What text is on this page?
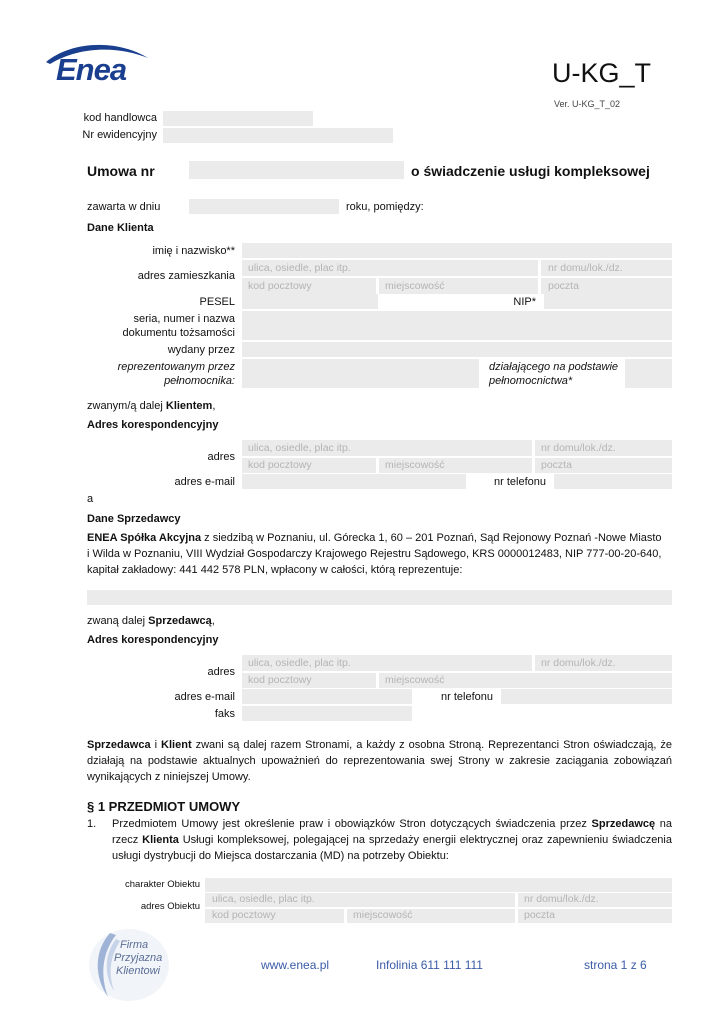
Enea	U-KG_T
Ver. U-KG_T_02
kod handlowca
Nr ewidencyjny
Umowa nr	o świadczenie usługi kompleksowej
zawarta w dniu	roku, pomiędzy:
Dane Klienta
imię i nazwisko**
adres zamieszkania
ulica, osiedle, plac itp.	nr domu/lok./dz.
kod pocztowy	miejscowość	poczta
PESEL	NIP*
seria, numer i nazwa
dokumentu tożsamości
wydany przez
reprezentowanym przez
pełnomocnika:
działającego na podstawie
pełnomocnictwa*
zwanym/ą dalej Klientem,
Adres korespondencyjny
adres
ulica, osiedle, plac itp.	nr domu/lok./dz.
kod pocztowy	miejscowość	poczta
adres e-mail	nr telefonu
a
Dane Sprzedawcy
ENEA Spółka Akcyjna z siedzibą w Poznaniu, ul. Górecka 1, 60 – 201 Poznań, Sąd Rejonowy Poznań -Nowe Miasto
i Wilda w Poznaniu, VIII Wydział Gospodarczy Krajowego Rejestru Sądowego, KRS 0000012483, NIP 777-00-20-640,
kapitał zakładowy: 441 442 578 PLN, wpłacony w całości, którą reprezentuje:
zwaną dalej Sprzedawcą,
Adres korespondencyjny
adres
ulica, osiedle, plac itp.	nr domu/lok./dz.
kod pocztowy	miejscowość
adres e-mail	nr telefonu
faks
Sprzedawca i Klient zwani są dalej razem Stronami, a każdy z osobna Stroną. Reprezentanci Stron oświadczają, że działają na podstawie aktualnych upoważnień do reprezentowania swej Strony w zakresie zaciągania zobowiązań wynikających z niniejszej Umowy.
§ 1 PRZEDMIOT UMOWY
1. Przedmiotem Umowy jest określenie praw i obowiązków Stron dotyczących świadczenia przez Sprzedawcę na rzecz Klienta Usługi kompleksowej, polegającej na sprzedaży energii elektrycznej oraz zapewnieniu świadczenia usługi dystrybucji do Miejsca dostarczania (MD) na potrzeby Obiektu:
charakter Obiektu
adres Obiektu
ulica, osiedle, plac itp.	nr domu/lok./dz.
kod pocztowy	miejscowość	poczta
Firma
Przyjazna
Klientowi	www.enea.pl	Infolinia 611 111 111	strona 1 z 6
